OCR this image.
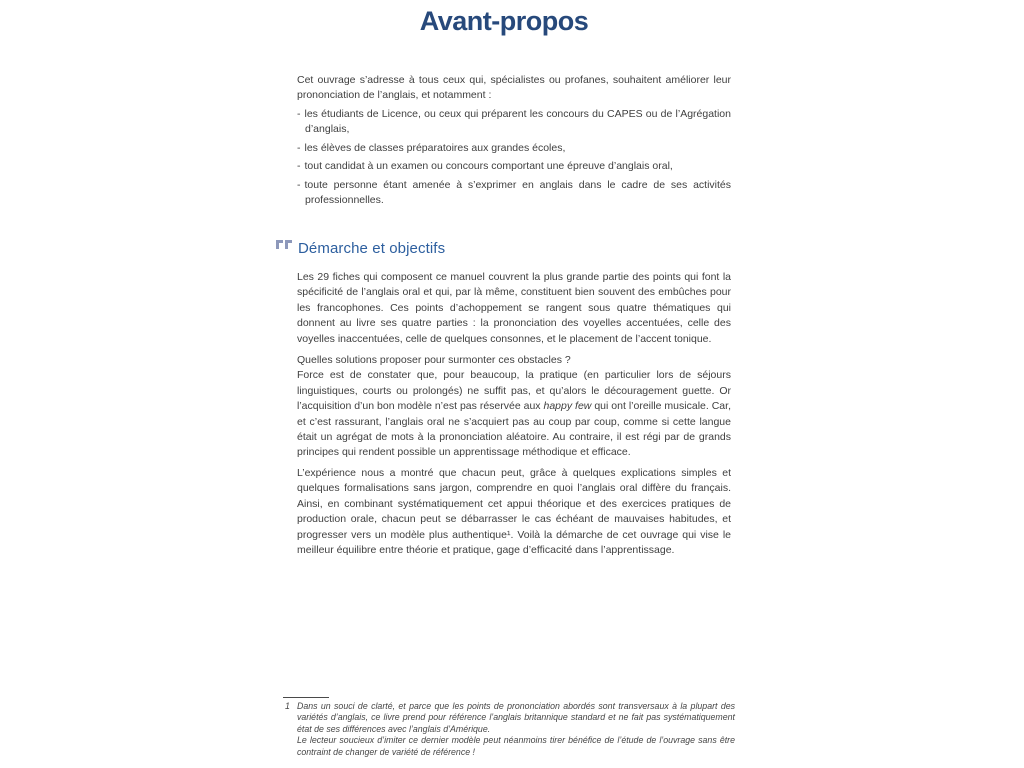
Avant-propos

Cet ouvrage s’adresse à tous ceux qui, spécialistes ou profanes, souhaitent améliorer leur prononciation de l’anglais, et notamment :

- les étudiants de Licence, ou ceux qui préparent les concours du CAPES ou de l’Agrégation d’anglais,
- les élèves de classes préparatoires aux grandes écoles,
- tout candidat à un examen ou concours comportant une épreuve d’anglais oral,
- toute personne étant amenée à s’exprimer en anglais dans le cadre de ses activités professionnelles.
Démarche et objectifs

Les 29 fiches qui composent ce manuel couvrent la plus grande partie des points qui font la spécificité de l’anglais oral et qui, par là même, constituent bien souvent des embûches pour les francophones. Ces points d’achoppement se rangent sous quatre thématiques qui donnent au livre ses quatre parties : la prononciation des voyelles accentuées, celle des voyelles inaccentuées, celle de quelques consonnes, et le placement de l’accent tonique.

Quelles solutions proposer pour surmonter ces obstacles ?
Force est de constater que, pour beaucoup, la pratique (en particulier lors de séjours linguistiques, courts ou prolongés) ne suffit pas, et qu’alors le découragement guette. Or l’acquisition d’un bon modèle n’est pas réservée aux happy few qui ont l’oreille musicale. Car, et c’est rassurant, l’anglais oral ne s’acquiert pas au coup par coup, comme si cette langue était un agrégat de mots à la prononciation aléatoire. Au contraire, il est régi par de grands principes qui rendent possible un apprentissage méthodique et efficace.

L’expérience nous a montré que chacun peut, grâce à quelques explications simples et quelques formalisations sans jargon, comprendre en quoi l’anglais oral diffère du français. Ainsi, en combinant systématiquement cet appui théorique et des exercices pratiques de production orale, chacun peut se débarrasser le cas échéant de mauvaises habitudes, et progresser vers un modèle plus authentique¹. Voilà la démarche de cet ouvrage qui vise le meilleur équilibre entre théorie et pratique, gage d’efficacité dans l’apprentissage.

1 Dans un souci de clarté, et parce que les points de prononciation abordés sont transversaux à la plupart des variétés d’anglais, ce livre prend pour référence l’anglais britannique standard et ne fait pas systématiquement état de ses différences avec l’anglais d’Amérique.

Le lecteur soucieux d’imiter ce dernier modèle peut néanmoins tirer bénéfice de l’étude de l’ouvrage sans être contraint de changer de variété de référence !
